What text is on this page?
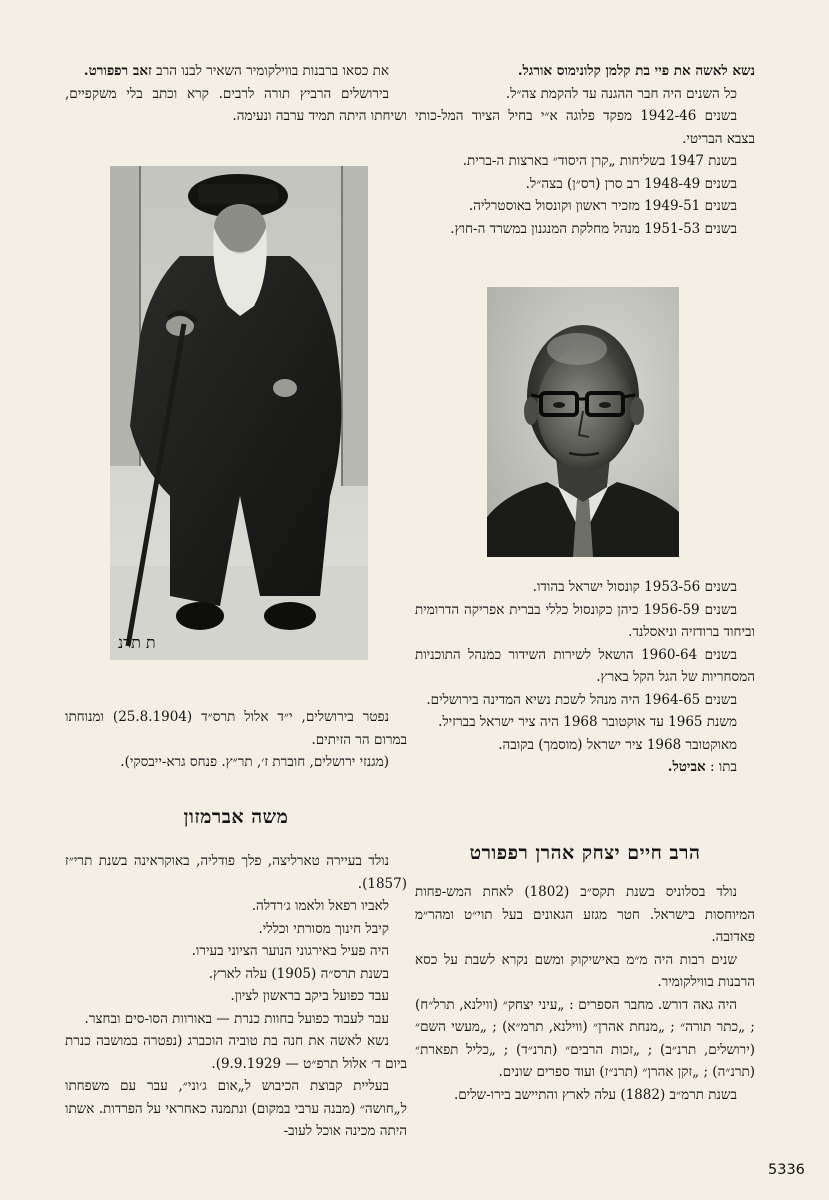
נשא לאשה את פיי בת קלמן קלונימוס אורגל.

כל השנים היה חבר ההגנה עד להקמת צה״ל.

בשנים 1942-46 מפקד פלוגה א״י בחיל הציוד המל-כותי בצבא הבריטי.

בשנת 1947 בשליחות „קרן היסוד״ בארצות ה-ברית.

בשנים 1948-49 רב סרן (רס״ן) בצה״ל.

בשנים 1949-51 מזכיר ראשון וקונסול באוסטרליה.

בשנים 1951-53 מנהל מחלקת המנגנון במשרד ה-חוץ.

בשנים 1953-56 קונסול ישראל בהודו.

בשנים 1956-59 כיהן כקונסול כללי בברית אפריקה הדרומית וביחוד ברודזיה וניאסלנד.

בשנים 1960-64 הושאל לשירות השידור כמנהל התוכניות המסחריות של הגל הקל בארץ.

בשנים 1964-65 היה מנהל לשכת נשיא המדינה בירושלים.

משנת 1965 עד אוקטובר 1968 היה ציר ישראל בברזיל.

מאוקטובר 1968 ציר ישראל (מוסמך) בקובה.

בתו : אביטל.

הרב חיים יצחק אהרן רפפורט

נולד בסלוניס בשנת תקס״ב (1802) לאחת המש-פחות המיוחסות בישראל. חטר מגזע הגאונים בעל תוי״ט ומהר״מ פאדובה.

שנים רבות היה מ״מ באישיקוק ומשם נקרא לשבת על כסא הרבנות בווילקומיר.

היה גאה דורש. מחבר הספרים : „עיני יצחק״ (ווילנא, תרל״ח) ; „כתר תורה״ ; „מנחת אהרן״ (ווילנא, תרמ״א) ; „מעשי השם״ (ירושלים, תרנ״ב) ; „זכות הרבים״ (תרנ״ד) ; „כליל תפארת״ (תרנ״ה) ; „זקן אהרן״ (תרנ״ז) ועוד ספרים שונים.

בשנת תרמ״ב (1882) עלה לארץ והתיישב בירו-שלים.

את כסאו ברבנות בווילקומיר השאיר לבנו הרב זאב רפפורט.

בירושלים הרביץ תורה לרבים. קרא וכתב בלי משקפיים, ושיחתו היתה תמיד ערבה ונעימה.

ת תרנ

נפטר בירושלים, י״ד אלול תרס״ד (25.8.1904) ומנוחתו במרום הר הזיתים.

(מגנזי ירושלים, חוברת ז׳, תר״ץ. פנחס גרא-ייבסקי).

משה אברמזון

נולד בעיירה טארליצה, פלך פודליה, באוקראינה בשנת תרי״ז (1857).

לאביו רפאל ולאמו ג׳רדלה.

קיבל חינוך מסורתי וכללי.

היה פעיל באירגוני הנוער הציוני בעירו.

בשנת תרס״ה (1905) עלה לארץ.

עבד כפועל ביקב בראשון לציון.

עבר לעבוד כפועל בחוות כנרת — באורוות הסו-סים ובחצר.

נשא לאשה את חנה בת טוביה הוכברג (נפטרה במושבה כנרת ביום ד׳ אלול תרפ״ט — 9.9.1929).

בעליית קבוצת הכיבוש ל„אום ג׳וני״, עבר עם משפחתו ל„חושה״ (מבנה ערבי במקום) ונתמנה כאחראי על הפרדות. אשתו היתה מכינה אוכל לעוב-

5336
